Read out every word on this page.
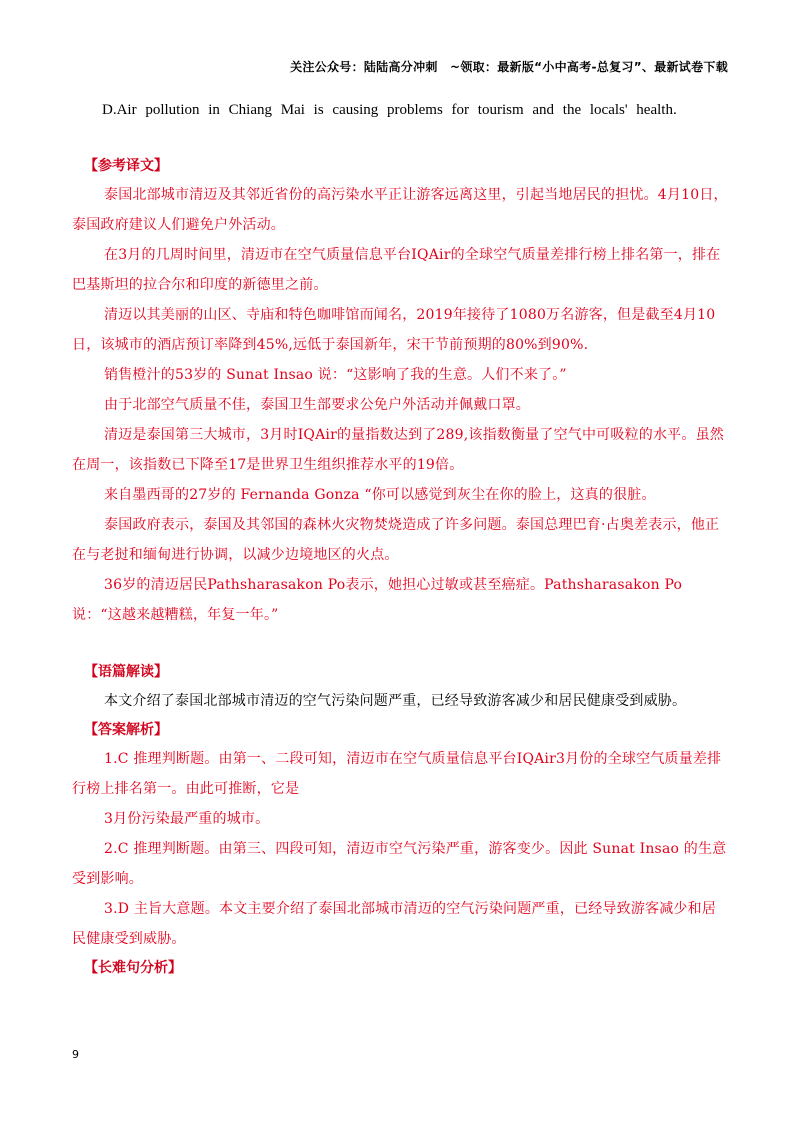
关注公众号：陆陆高分冲刺　~领取：最新版“小中高考-总复习”、最新试卷下载

D.Air pollution in Chiang Mai is causing problems for tourism and the locals' health.

【参考译文】

泰国北部城市清迈及其邻近省份的高污染水平正让游客远离这里，引起当地居民的担忧。4月10日，泰国政府建议人们避免户外活动。

在3月的几周时间里，清迈市在空气质量信息平台IQAir的全球空气质量差排行榜上排名第一，排在巴基斯坦的拉合尔和印度的新德里之前。

清迈以其美丽的山区、寺庙和特色咖啡馆而闻名，2019年接待了1080万名游客，但是截至4月10日，该城市的酒店预订率降到45%,远低于泰国新年，宋干节前预期的80%到90%.

销售橙汁的53岁的 Sunat Insao 说：“这影响了我的生意。人们不来了。”

由于北部空气质量不佳，泰国卫生部要求公免户外活动并佩戴口罩。

清迈是泰国第三大城市，3月时IQAir的量指数达到了289,该指数衡量了空气中可吸粒的水平。虽然在周一，该指数已下降至17是世界卫生组织推荐水平的19倍。

来自墨西哥的27岁的 Fernanda Gonza “你可以感觉到灰尘在你的脸上，这真的很脏。

泰国政府表示，泰国及其邻国的森林火灾物焚烧造成了许多问题。泰国总理巴育·占奥差表示，他正在与老挝和缅甸进行协调，以减少边境地区的火点。

36岁的清迈居民Pathsharasakon Po表示，她担心过敏或甚至癌症。Pathsharasakon Po说：“这越来越糟糕，年复一年。”

【语篇解读】

本文介绍了泰国北部城市清迈的空气污染问题严重，已经导致游客减少和居民健康受到威胁。

【答案解析】

1.C 推理判断题。由第一、二段可知，清迈市在空气质量信息平台IQAir3月份的全球空气质量差排行榜上排名第一。由此可推断，它是

3月份污染最严重的城市。

2.C 推理判断题。由第三、四段可知，清迈市空气污染严重，游客变少。因此 Sunat Insao 的生意受到影响。

3.D 主旨大意题。本文主要介绍了泰国北部城市清迈的空气污染问题严重，已经导致游客减少和居民健康受到威胁。

【长难句分析】

9
